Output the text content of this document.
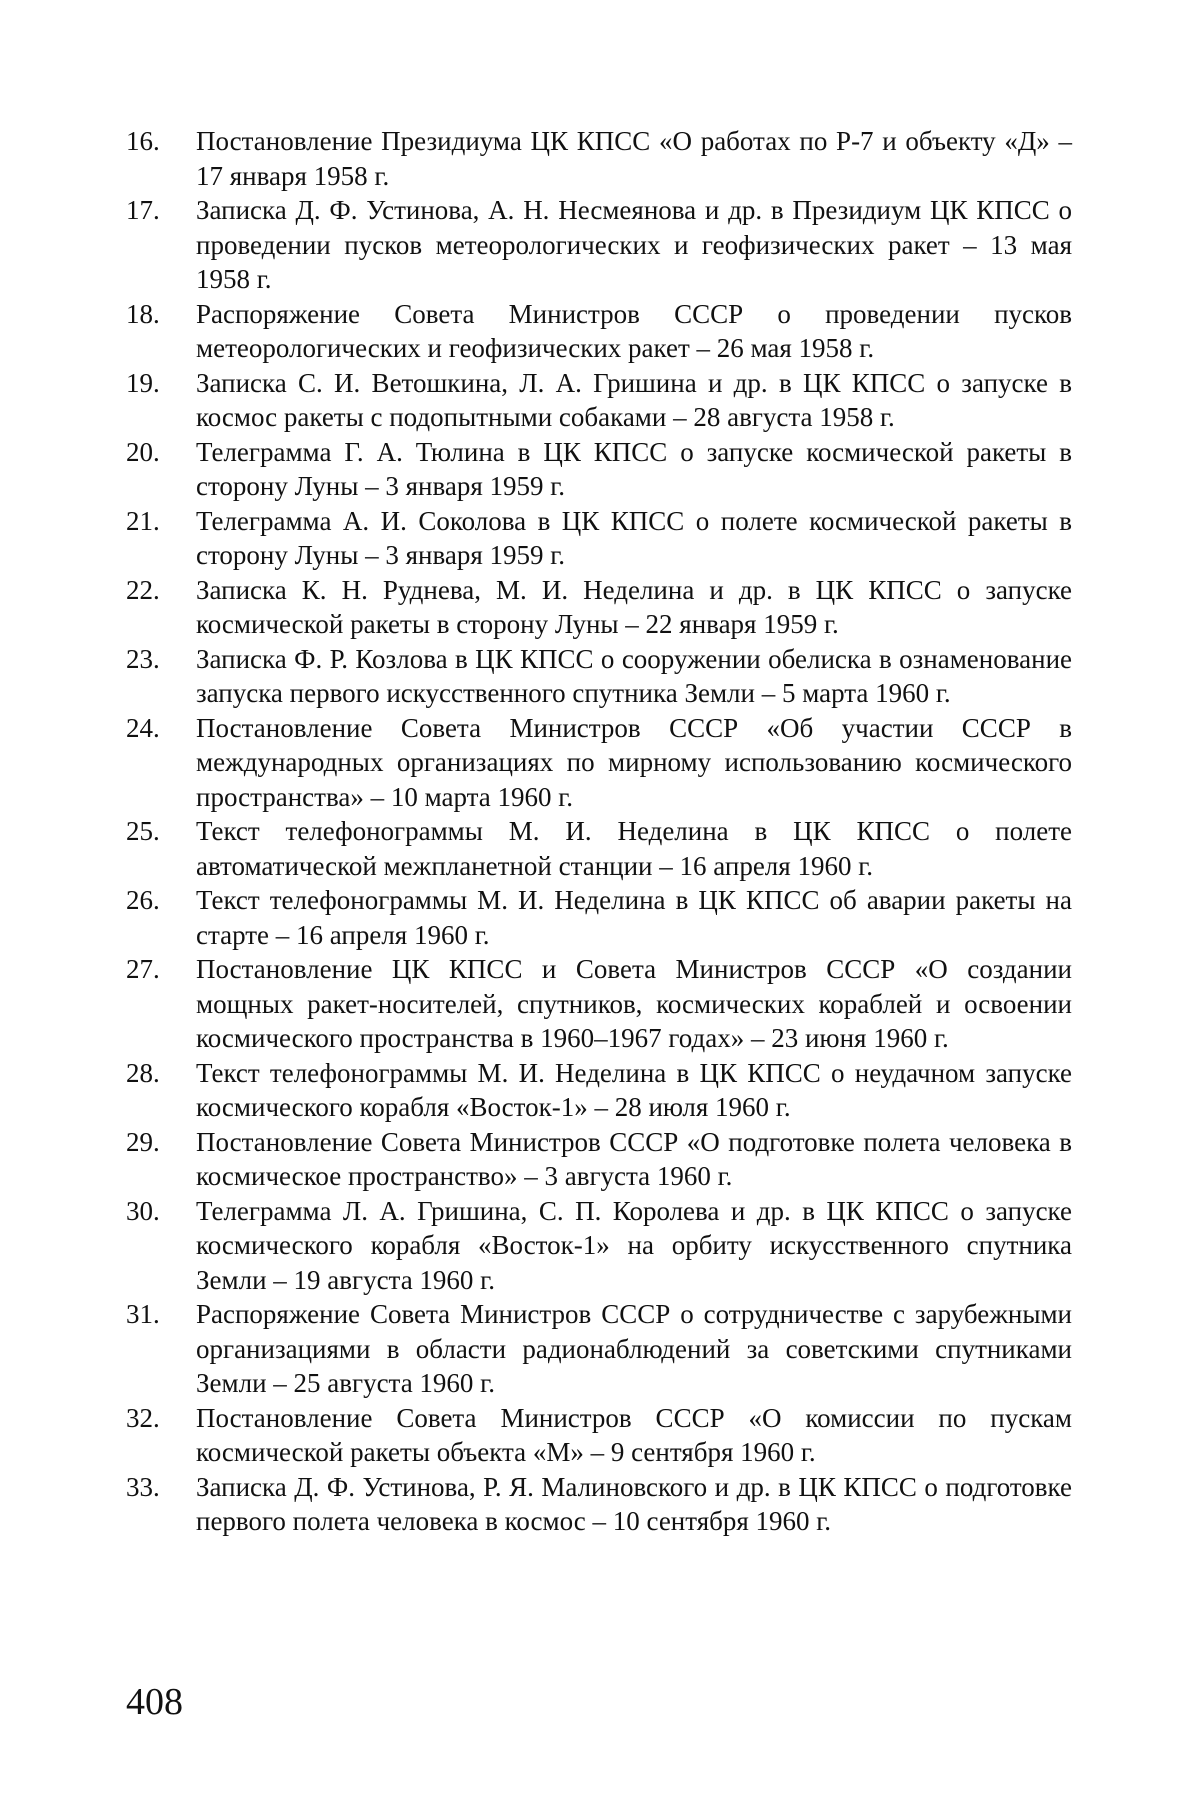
16.	Постановление Президиума ЦК КПСС «О работах по Р-7 и объекту «Д» – 17 января 1958 г.
17.	Записка Д. Ф. Устинова, А. Н. Несмеянова и др. в Президиум ЦК КПСС о проведении пусков метеорологических и геофизических ракет – 13 мая 1958 г.
18.	Распоряжение Совета Министров СССР о проведении пусков метеорологических и геофизических ракет – 26 мая 1958 г.
19.	Записка С. И. Ветошкина, Л. А. Гришина и др. в ЦК КПСС о запуске в космос ракеты с подопытными собаками – 28 августа 1958 г.
20.	Телеграмма Г. А. Тюлина в ЦК КПСС о запуске космической ракеты в сторону Луны – 3 января 1959 г.
21.	Телеграмма А. И. Соколова в ЦК КПСС о полете космической ракеты в сторону Луны – 3 января 1959 г.
22.	Записка К. Н. Руднева, М. И. Неделина и др. в ЦК КПСС о запуске космической ракеты в сторону Луны – 22 января 1959 г.
23.	Записка Ф. Р. Козлова в ЦК КПСС о сооружении обелиска в ознаменование запуска первого искусственного спутника Земли – 5 марта 1960 г.
24.	Постановление Совета Министров СССР «Об участии СССР в международных организациях по мирному использованию космического пространства» – 10 марта 1960 г.
25.	Текст телефонограммы М. И. Неделина в ЦК КПСС о полете автоматической межпланетной станции – 16 апреля 1960 г.
26.	Текст телефонограммы М. И. Неделина в ЦК КПСС об аварии ракеты на старте – 16 апреля 1960 г.
27.	Постановление ЦК КПСС и Совета Министров СССР «О создании мощных ракет-носителей, спутников, космических кораблей и освоении космического пространства в 1960–1967 годах» – 23 июня 1960 г.
28.	Текст телефонограммы М. И. Неделина в ЦК КПСС о неудачном запуске космического корабля «Восток-1» – 28 июля 1960 г.
29.	Постановление Совета Министров СССР «О подготовке полета человека в космическое пространство» – 3 августа 1960 г.
30.	Телеграмма Л. А. Гришина, С. П. Королева и др. в ЦК КПСС о запуске космического корабля «Восток-1» на орбиту искусственного спутника Земли – 19 августа 1960 г.
31.	Распоряжение Совета Министров СССР о сотрудничестве с зарубежными организациями в области радионаблюдений за советскими спутниками Земли – 25 августа 1960 г.
32.	Постановление Совета Министров СССР «О комиссии по пускам космической ракеты объекта «М» – 9 сентября 1960 г.
33.	Записка Д. Ф. Устинова, Р. Я. Малиновского и др. в ЦК КПСС о подготовке первого полета человека в космос – 10 сентября 1960 г.

408
